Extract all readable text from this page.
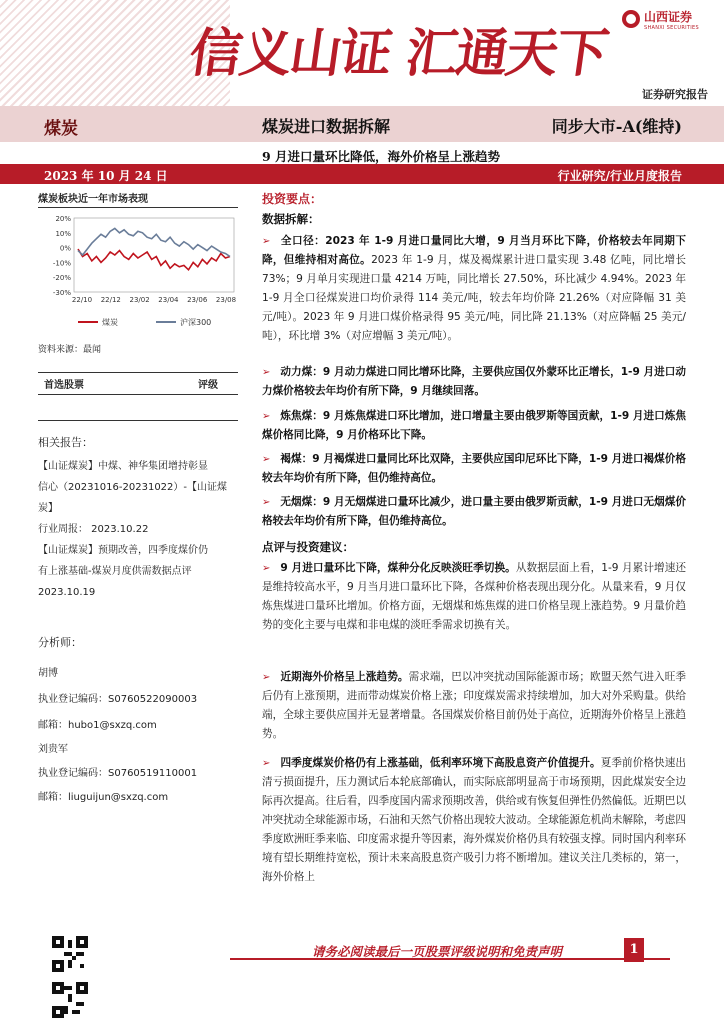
信义山证 汇通天下
山西证券
SHANXI SECURITIES
证券研究报告
煤炭	煤炭进口数据拆解	同步大市-A(维持)
9 月进口量环比降低，海外价格呈上涨趋势
2023 年 10 月 24 日	行业研究/行业月度报告
煤炭板块近一年市场表现
20%
10%
0%
-10%
-20%
-30%
22/10 22/12 23/02 23/04 23/06 23/08
煤炭	沪深300
资料来源：最闻
首选股票	评级
相关报告：

【山证煤炭】中煤、神华集团增持彰显

信心（20231016-20231022）-【山证煤炭】

行业周报： 2023.10.22

【山证煤炭】预期改善，四季度煤价仍

有上涨基础-煤炭月度供需数据点评

2023.10.19

分析师：
胡博
执业登记编码：S0760522090003
邮箱：hubo1@sxzq.com
刘贵军
执业登记编码：S0760519110001
邮箱：liuguijun@sxzq.com
投资要点：
数据拆解：
➢ 全口径：2023 年 1-9 月进口量同比大增，9 月当月环比下降，价格较去年同期下降，但维持相对高位。2023 年 1-9 月，煤及褐煤累计进口量实现 3.48 亿吨，同比增长 73%；9 月单月实现进口量 4214 万吨，同比增长 27.50%，环比减少 4.94%。2023 年 1-9 月全口径煤炭进口均价录得 114 美元/吨，较去年均价降 21.26%（对应降幅 31 美元/吨）。2023 年 9 月进口煤价格录得 95 美元/吨，同比降 21.13%（对应降幅 25 美元/吨），环比增 3%（对应增幅 3 美元/吨）。
➢ 动力煤：9 月动力煤进口同比增环比降，主要供应国仅外蒙环比正增长，1-9 月进口动力煤价格较去年均价有所下降，9 月继续回落。
➢ 炼焦煤：9 月炼焦煤进口环比增加，进口增量主要由俄罗斯等国贡献，1-9 月进口炼焦煤价格同比降，9 月价格环比下降。
➢ 褐煤：9 月褐煤进口量同比环比双降，主要供应国印尼环比下降，1-9 月进口褐煤价格较去年均价有所下降，但仍维持高位。
➢ 无烟煤：9 月无烟煤进口量环比减少，进口量主要由俄罗斯贡献，1-9 月进口无烟煤价格较去年均价有所下降，但仍维持高位。
点评与投资建议：
➢ 9 月进口量环比下降，煤种分化反映淡旺季切换。从数据层面上看，1-9 月累计增速还是维持较高水平，9 月当月进口量环比下降，各煤种价格表现出现分化。从量来看，9 月仅炼焦煤进口量环比增加。价格方面，无烟煤和炼焦煤的进口价格呈现上涨趋势。9 月量价趋势的变化主要与电煤和非电煤的淡旺季需求切换有关。
➢ 近期海外价格呈上涨趋势。需求端，巴以冲突扰动国际能源市场；欧盟天然气进入旺季后仍有上涨预期，进而带动煤炭价格上涨；印度煤炭需求持续增加，加大对外采购量。供给端，全球主要供应国并无显著增量。各国煤炭价格目前仍处于高位，近期海外价格呈上涨趋势。
➢ 四季度煤炭价格仍有上涨基础，低利率环境下高股息资产价值提升。夏季前价格快速出清亏损面提升，压力测试后本轮底部确认，而实际底部明显高于市场预期，因此煤炭安全边际再次提高。往后看，四季度国内需求预期改善，供给或有恢复但弹性仍然偏低。近期巴以冲突扰动全球能源市场，石油和天然气价格出现较大波动。全球能源危机尚未解除，考虑四季度欧洲旺季来临、印度需求提升等因素，海外煤炭价格仍具有较强支撑。同时国内利率环境有望长期维持宽松，预计未来高股息资产吸引力将不断增加。建议关注几类标的，第一，海外价格上
请务必阅读最后一页股票评级说明和免责声明	1
